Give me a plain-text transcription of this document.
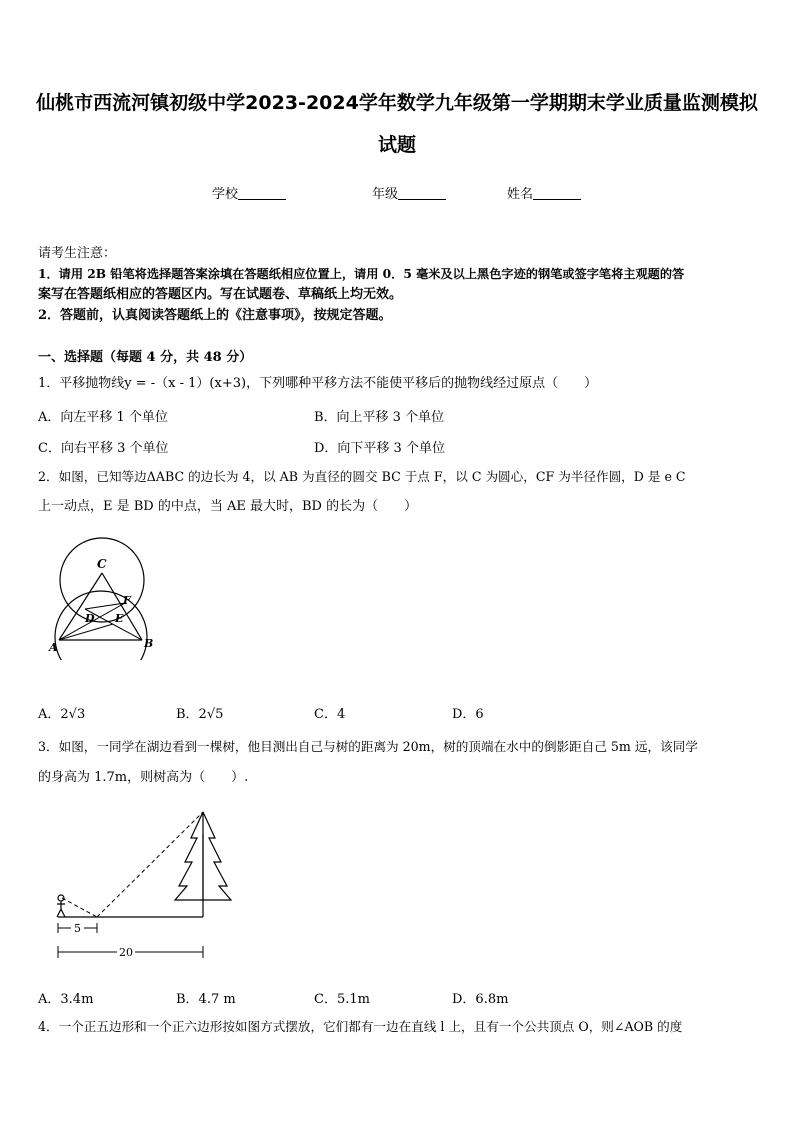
仙桃市西流河镇初级中学2023-2024学年数学九年级第一学期期末学业质量监测模拟
试题
学校	年级	姓名
请考生注意：
1．请用 2B 铅笔将选择题答案涂填在答题纸相应位置上，请用 0．5 毫米及以上黑色字迹的钢笔或签字笔将主观题的答
案写在答题纸相应的答题区内。写在试题卷、草稿纸上均无效。
2．答题前，认真阅读答题纸上的《注意事项》，按规定答题。
一、选择题（每题 4 分，共 48 分）
1．平移抛物线y = -（x - 1）(x+3)，下列哪种平移方法不能使平移后的抛物线经过原点（　　）
A．向左平移 1 个单位	B．向上平移 3 个单位
C．向右平移 3 个单位	D．向下平移 3 个单位
2．如图，已知等边ΔABC 的边长为 4，以 AB 为直径的圆交 BC 于点 F，以 C 为圆心，CF 为半径作圆，D 是 e C
上一动点，E 是 BD 的中点，当 AE 最大时，BD 的长为（　　）
C
F
D E
A	B
A．2√3	B．2√5	C．4	D．6
3．如图，一同学在湖边看到一棵树，他目测出自己与树的距离为 20m，树的顶端在水中的倒影距自己 5m 远，该同学
的身高为 1.7m，则树高为（　　）.
5
20
A．3.4m	B．4.7 m	C．5.1m	D．6.8m
4．一个正五边形和一个正六边形按如图方式摆放，它们都有一边在直线 l 上，且有一个公共顶点 O，则∠AOB 的度
